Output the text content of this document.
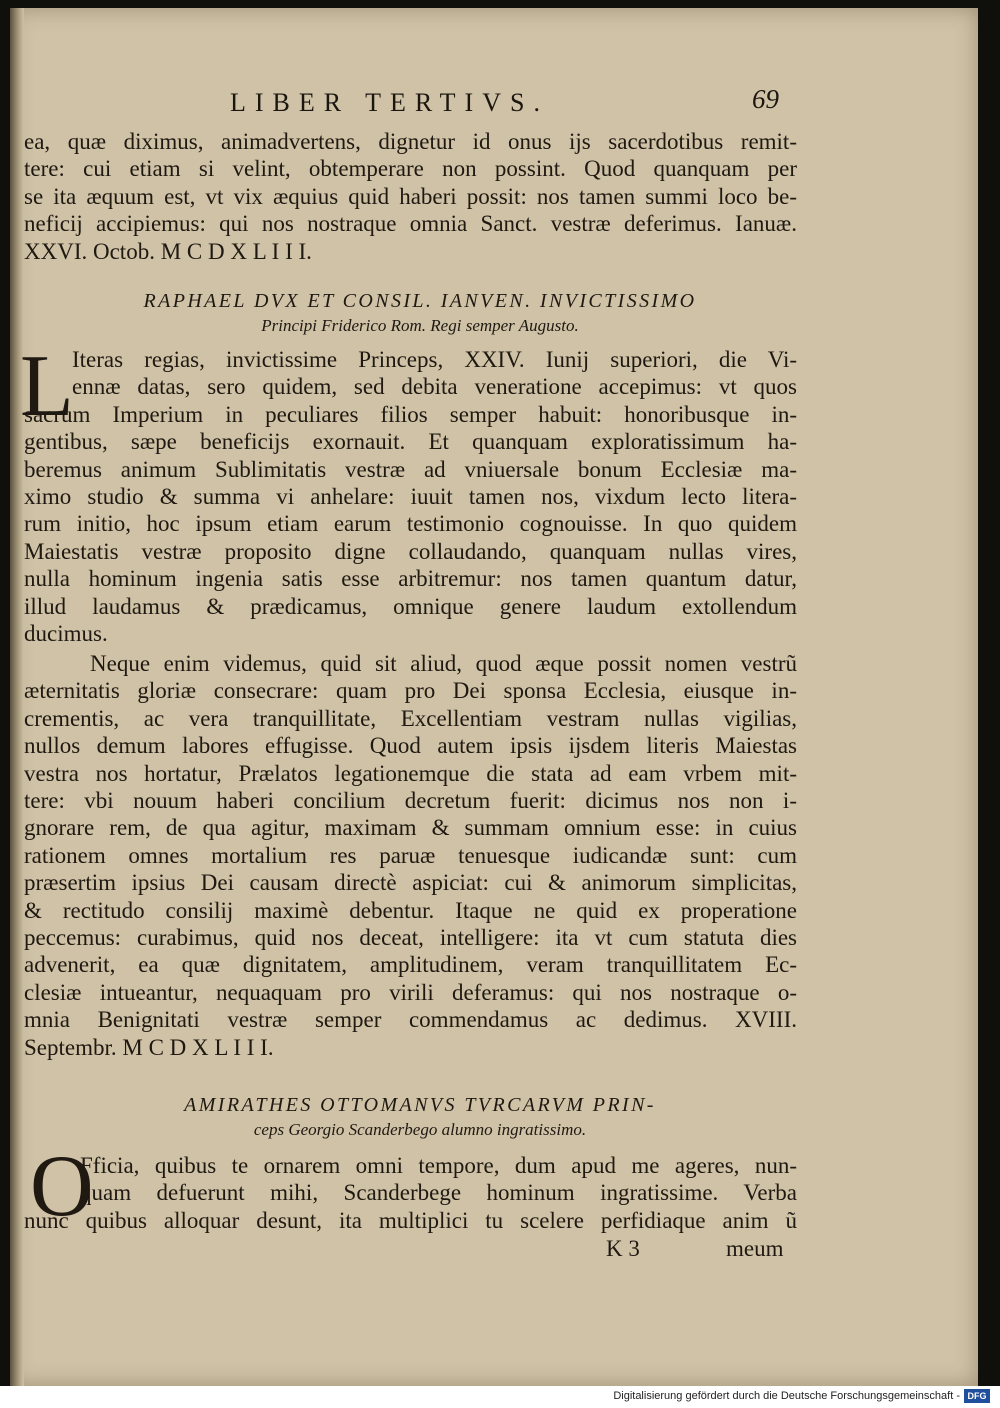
LIBER TERTIVS.	69
ea, quæ diximus, animadvertens, dignetur id onus ijs sacerdotibus remit-
tere: cui etiam si velint, obtemperare non possint. Quod quanquam per
se ita æquum est, vt vix æquius quid haberi possit: nos tamen summi loco be-
neficij accipiemus: qui nos nostraque omnia Sanct. vestræ deferimus. Ianuæ.
XXVI. Octob. M C D X L I I I.
RAPHAEL DVX ET CONSIL. IANVEN. INVICTISSIMO
Principi Friderico Rom. Regi semper Augusto.
L
Iteras regias, invictissime Princeps, XXIV. Iunij superiori, die Vi-
ennæ datas, sero quidem, sed debita veneratione accepimus: vt quos
sacrum Imperium in peculiares filios semper habuit: honoribusque in-
gentibus, sæpe beneficijs exornauit. Et quanquam exploratissimum ha-
beremus animum Sublimitatis vestræ ad vniuersale bonum Ecclesiæ ma-
ximo studio & summa vi anhelare: iuuit tamen nos, vixdum lecto litera-
rum initio, hoc ipsum etiam earum testimonio cognouisse. In quo quidem
Maiestatis vestræ proposito digne collaudando, quanquam nullas vires,
nulla hominum ingenia satis esse arbitremur: nos tamen quantum datur,
illud laudamus & prædicamus, omnique genere laudum extollendum
ducimus.
Neque enim videmus, quid sit aliud, quod æque possit nomen vestrũ
æternitatis gloriæ consecrare: quam pro Dei sponsa Ecclesia, eiusque in-
crementis, ac vera tranquillitate, Excellentiam vestram nullas vigilias,
nullos demum labores effugisse. Quod autem ipsis ijsdem literis Maiestas
vestra nos hortatur, Prælatos legationemque die stata ad eam vrbem mit-
tere: vbi nouum haberi concilium decretum fuerit: dicimus nos non i-
gnorare rem, de qua agitur, maximam & summam omnium esse: in cuius
rationem omnes mortalium res paruæ tenuesque iudicandæ sunt: cum
præsertim ipsius Dei causam directè aspiciat: cui & animorum simplicitas,
& rectitudo consilij maximè debentur. Itaque ne quid ex properatione
peccemus: curabimus, quid nos deceat, intelligere: ita vt cum statuta dies
advenerit, ea quæ dignitatem, amplitudinem, veram tranquillitatem Ec-
clesiæ intueantur, nequaquam pro virili deferamus: qui nos nostraque o-
mnia Benignitati vestræ semper commendamus ac dedimus. XVIII.
Septembr. M C D X L I I I.
AMIRATHES OTTOMANVS TVRCARVM PRIN-
ceps Georgio Scanderbego alumno ingratissimo.
O
Fficia, quibus te ornarem omni tempore, dum apud me ageres, nun-
quam defuerunt mihi, Scanderbege hominum ingratissime. Verba
nunc quibus alloquar desunt, ita multiplici tu scelere perfidiaque anim ũ
K 3	meum
Digitalisierung gefördert durch die Deutsche Forschungsgemeinschaft - DFG
